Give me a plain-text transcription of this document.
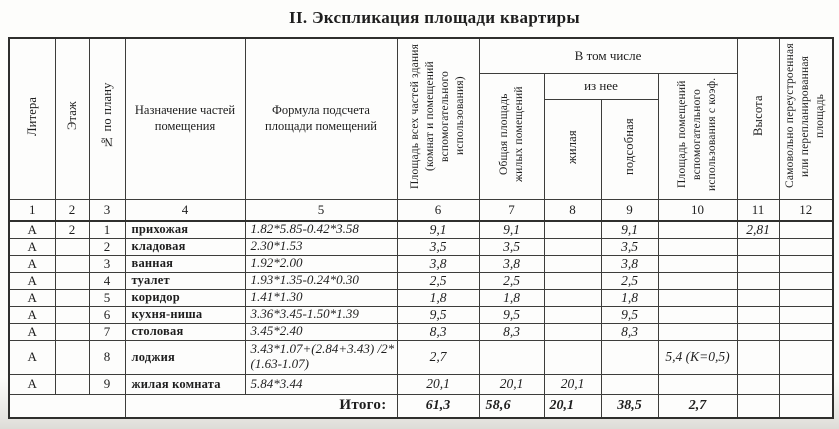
II. Экспликация площади квартиры
Литера	Этаж	№ по плану	Назначение частей помещения	Формула подсчета площади помещений	Площадь всех частей здания (комнат и помещений вспомогательного использования)	В том числе				Высота	Самовольно переустроенная или перепланированная площадь
						Общая площадь жилых помещений	из нее		Площадь помещений вспомогательного использования с коэф.		
							жилая	подсобная			
1	2	3	4	5	6	7	8	9	10	11	12
А	2	1	прихожая	1.82*5.85-0.42*3.58	9,1	9,1		9,1		2,81	
А		2	кладовая	2.30*1.53	3,5	3,5		3,5			
А		3	ванная	1.92*2.00	3,8	3,8		3,8			
А		4	туалет	1.93*1.35-0.24*0.30	2,5	2,5		2,5			
А		5	коридор	1.41*1.30	1,8	1,8		1,8			
А		6	кухня-ниша	3.36*3.45-1.50*1.39	9,5	9,5		9,5			
А		7	столовая	3.45*2.40	8,3	8,3		8,3			
А		8	лоджия	3.43*1.07+(2.84+3.43) /2*(1.63-1.07)	2,7				5,4 (К=0,5)		
А		9	жилая комната	5.84*3.44	20,1	20,1	20,1				
			Итого:		61,3	58,6	20,1	38,5	2,7		
